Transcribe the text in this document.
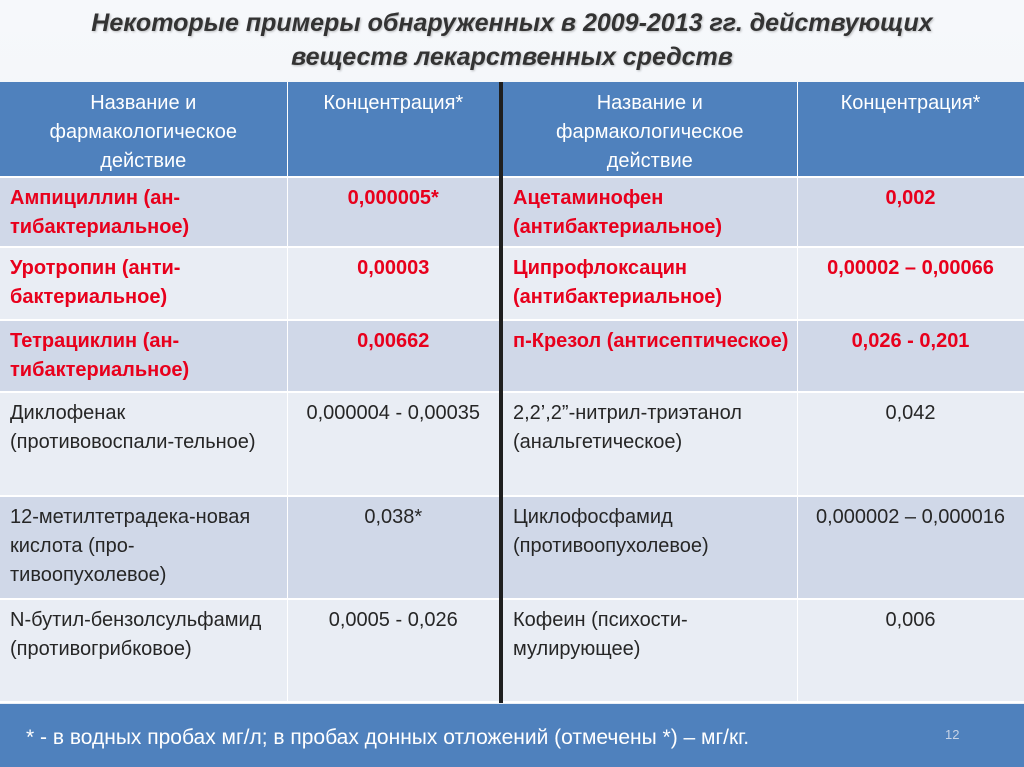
Некоторые примеры обнаруженных в 2009-2013 гг. действующих
веществ лекарственных средств
Название и фармакологическое действие	Концентрация*	Название и фармакологическое действие	Концентрация*
Ампициллин (ан-тибактериальное)	0,000005*	Ацетаминофен (антибактериальное)	0,002
Уротропин (анти-бактериальное)	0,00003	Ципрофлоксацин (антибактериальное)	0,00002 – 0,00066
Тетрациклин (ан-тибактериальное)	0,00662	п-Крезол (антисептическое)	0,026 - 0,201
Диклофенак (противовоспали-тельное)	0,000004 - 0,00035	2,2’,2”-нитрил-триэтанол (анальгетическое)	0,042
12-метилтетрадека-новая кислота (про-тивоопухолевое)	0,038*	Циклофосфамид (противоопухолевое)	0,000002 – 0,000016
N-бутил-бензолсульфамид (противогрибковое)	0,0005 - 0,026	Кофеин (психости-мулирующее)	0,006
* - в водных пробах мг/л; в пробах донных отложений (отмечены *) – мг/кг.	12
